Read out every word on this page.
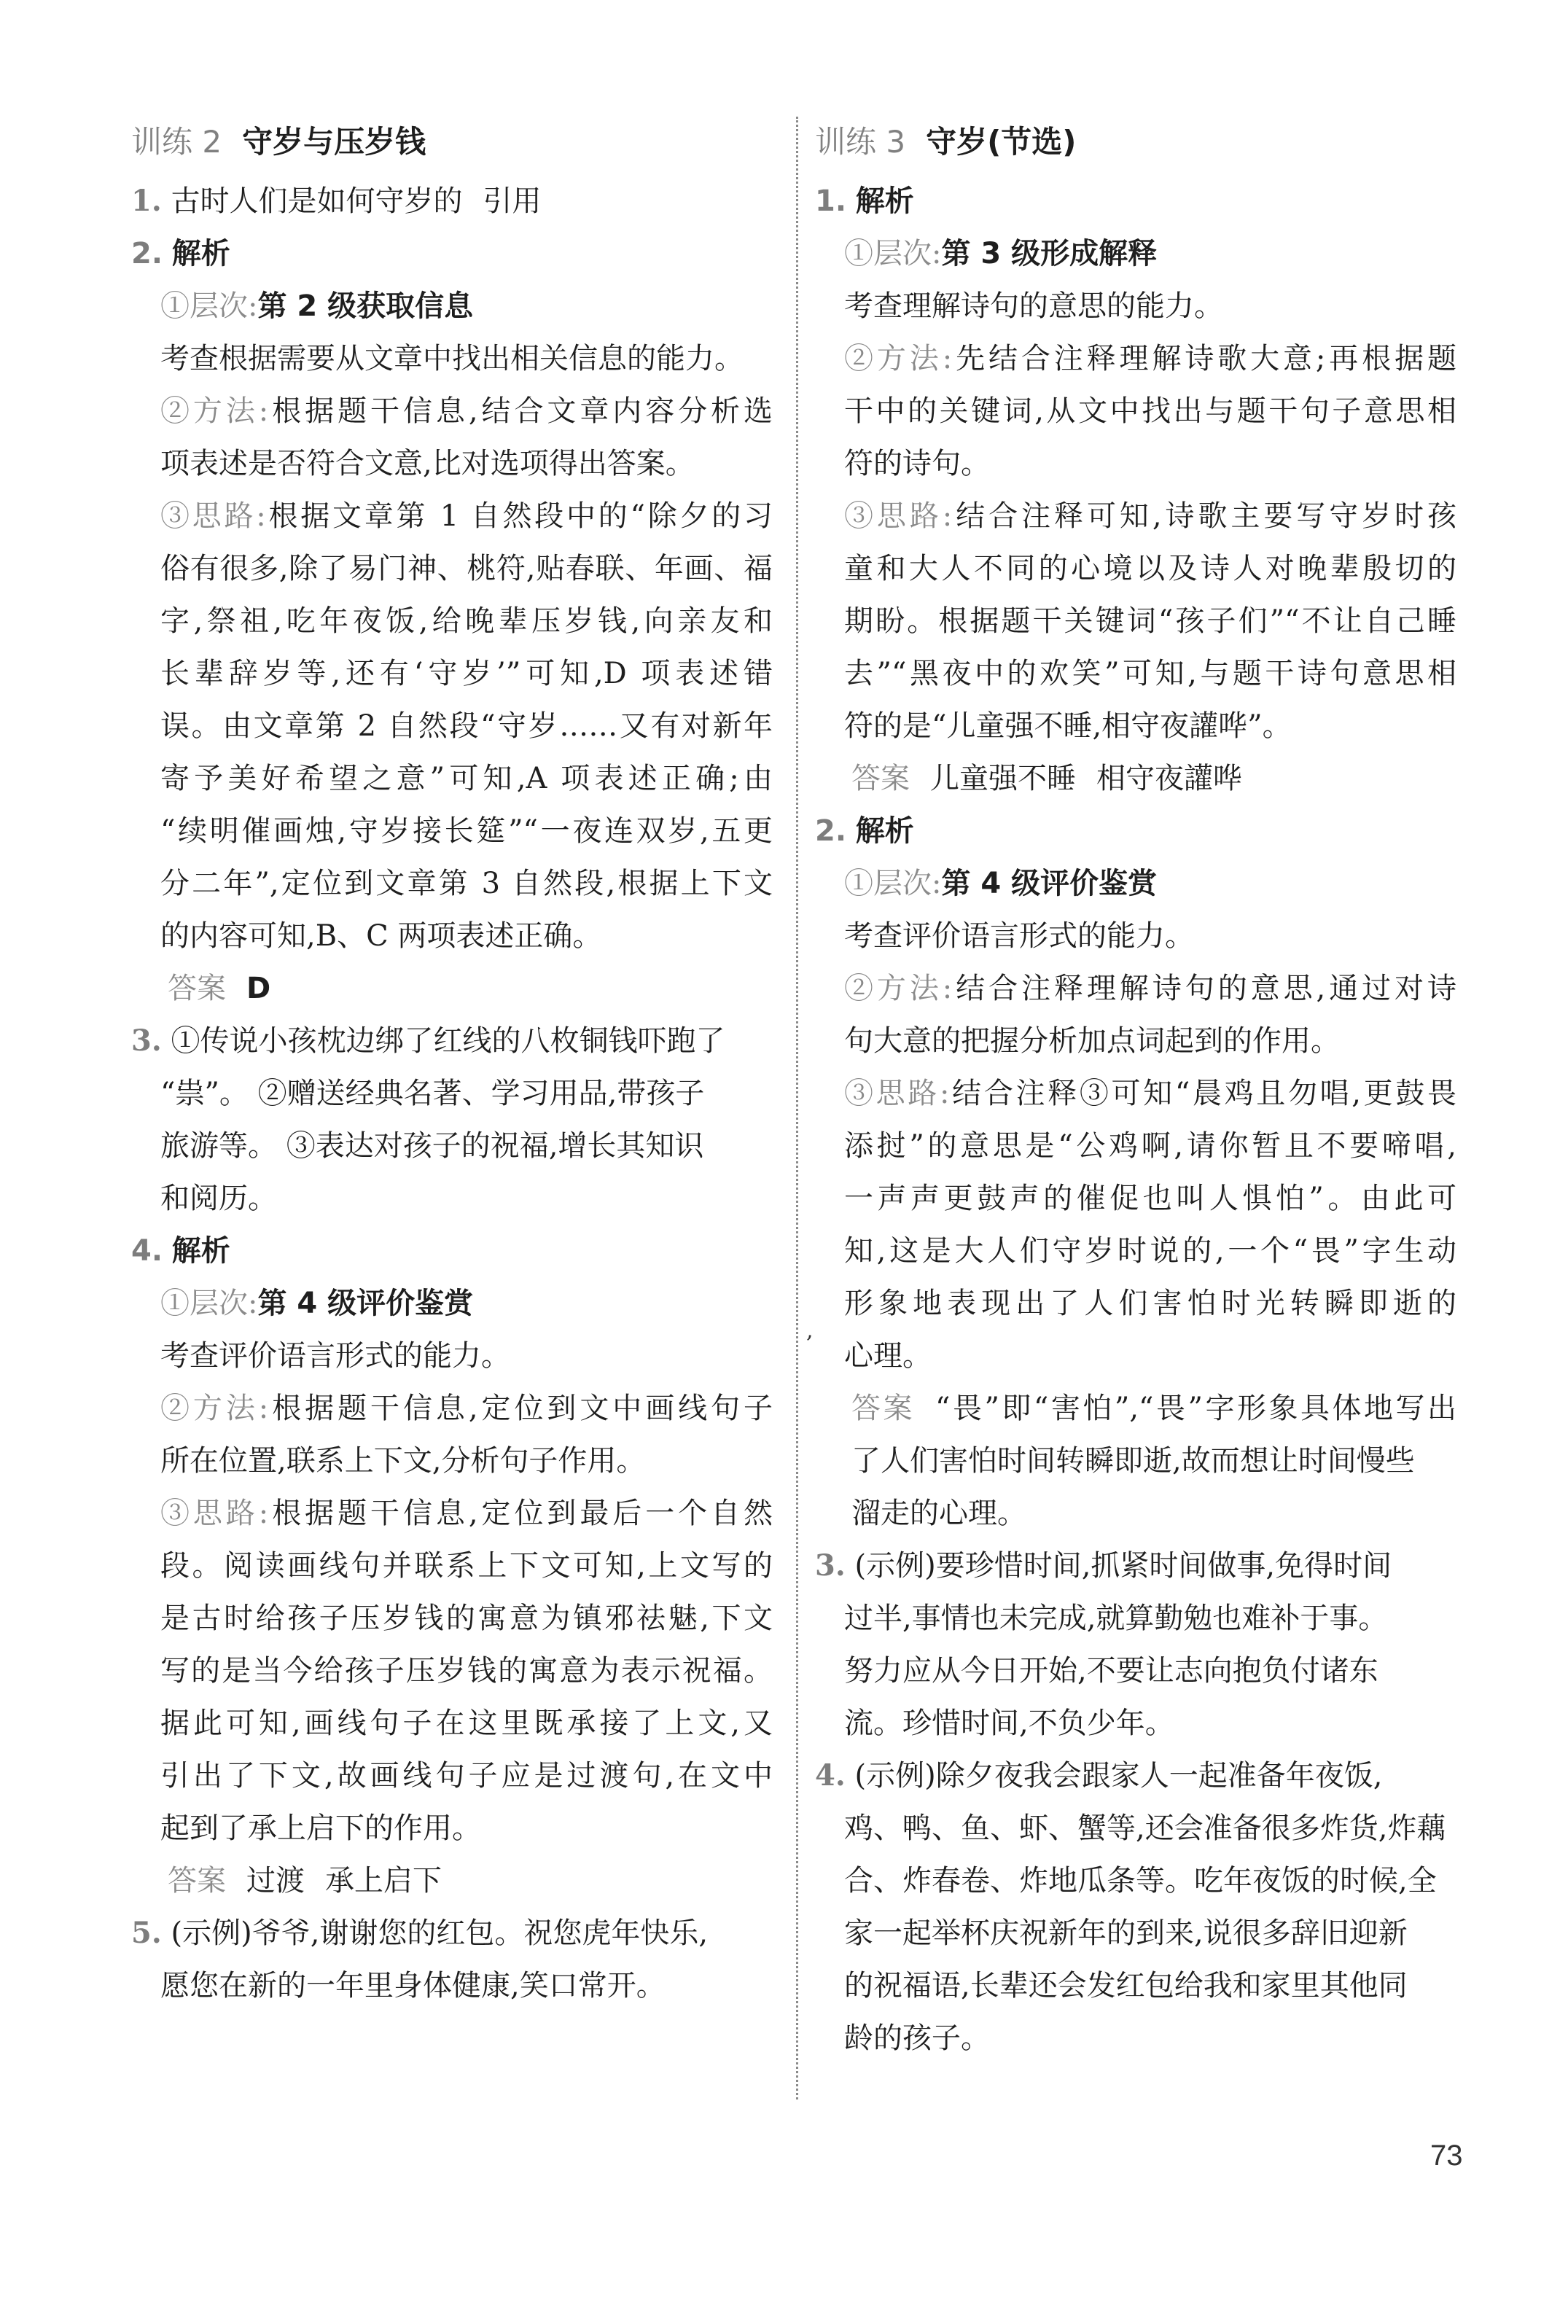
训练 2 守岁与压岁钱
1. 古时人们是如何守岁的 引用
2. 解析
①层次:第 2 级获取信息
考查根据需要从文章中找出相关信息的能力。
②方法:根据题干信息,结合文章内容分析选
项表述是否符合文意,比对选项得出答案。
③思路:根据文章第 1 自然段中的“除夕的习
俗有很多,除了易门神、桃符,贴春联、年画、福
字,祭祖,吃年夜饭,给晚辈压岁钱,向亲友和
长辈辞岁等,还有‘守岁’”可知,D 项表述错
误。由文章第 2 自然段“守岁……又有对新年
寄予美好希望之意”可知,A 项表述正确;由
“续明催画烛,守岁接长筵”“一夜连双岁,五更
分二年”,定位到文章第 3 自然段,根据上下文
的内容可知,B、C 两项表述正确。
答案 D
3. ①传说小孩枕边绑了红线的八枚铜钱吓跑了
“祟”。 ②赠送经典名著、学习用品,带孩子
旅游等。 ③表达对孩子的祝福,增长其知识
和阅历。
4. 解析
①层次:第 4 级评价鉴赏
考查评价语言形式的能力。
②方法:根据题干信息,定位到文中画线句子
所在位置,联系上下文,分析句子作用。
③思路:根据题干信息,定位到最后一个自然
段。阅读画线句并联系上下文可知,上文写的
是古时给孩子压岁钱的寓意为镇邪祛魅,下文
写的是当今给孩子压岁钱的寓意为表示祝福。
据此可知,画线句子在这里既承接了上文,又
引出了下文,故画线句子应是过渡句,在文中
起到了承上启下的作用。
答案 过渡 承上启下
5. (示例)爷爷,谢谢您的红包。祝您虎年快乐,
愿您在新的一年里身体健康,笑口常开。
训练 3 守岁(节选)
1. 解析
①层次:第 3 级形成解释
考查理解诗句的意思的能力。
②方法:先结合注释理解诗歌大意;再根据题
干中的关键词,从文中找出与题干句子意思相
符的诗句。
③思路:结合注释可知,诗歌主要写守岁时孩
童和大人不同的心境以及诗人对晚辈殷切的
期盼。根据题干关键词“孩子们”“不让自己睡
去”“黑夜中的欢笑”可知,与题干诗句意思相
符的是“儿童强不睡,相守夜讙哗”。
答案 儿童强不睡 相守夜讙哗
2. 解析
①层次:第 4 级评价鉴赏
考查评价语言形式的能力。
②方法:结合注释理解诗句的意思,通过对诗
句大意的把握分析加点词起到的作用。
③思路:结合注释③可知“晨鸡且勿唱,更鼓畏
添挝”的意思是“公鸡啊,请你暂且不要啼唱,
一声声更鼓声的催促也叫人惧怕”。由此可
知,这是大人们守岁时说的,一个“畏”字生动
形象地表现出了人们害怕时光转瞬即逝的
心理。
答案 “畏”即“害怕”,“畏”字形象具体地写出
了人们害怕时间转瞬即逝,故而想让时间慢些
溜走的心理。
3. (示例)要珍惜时间,抓紧时间做事,免得时间
过半,事情也未完成,就算勤勉也难补于事。
努力应从今日开始,不要让志向抱负付诸东
流。珍惜时间,不负少年。
4. (示例)除夕夜我会跟家人一起准备年夜饭,
鸡、鸭、鱼、虾、蟹等,还会准备很多炸货,炸藕
合、炸春卷、炸地瓜条等。吃年夜饭的时候,全
家一起举杯庆祝新年的到来,说很多辞旧迎新
的祝福语,长辈还会发红包给我和家里其他同
龄的孩子。
,
73
